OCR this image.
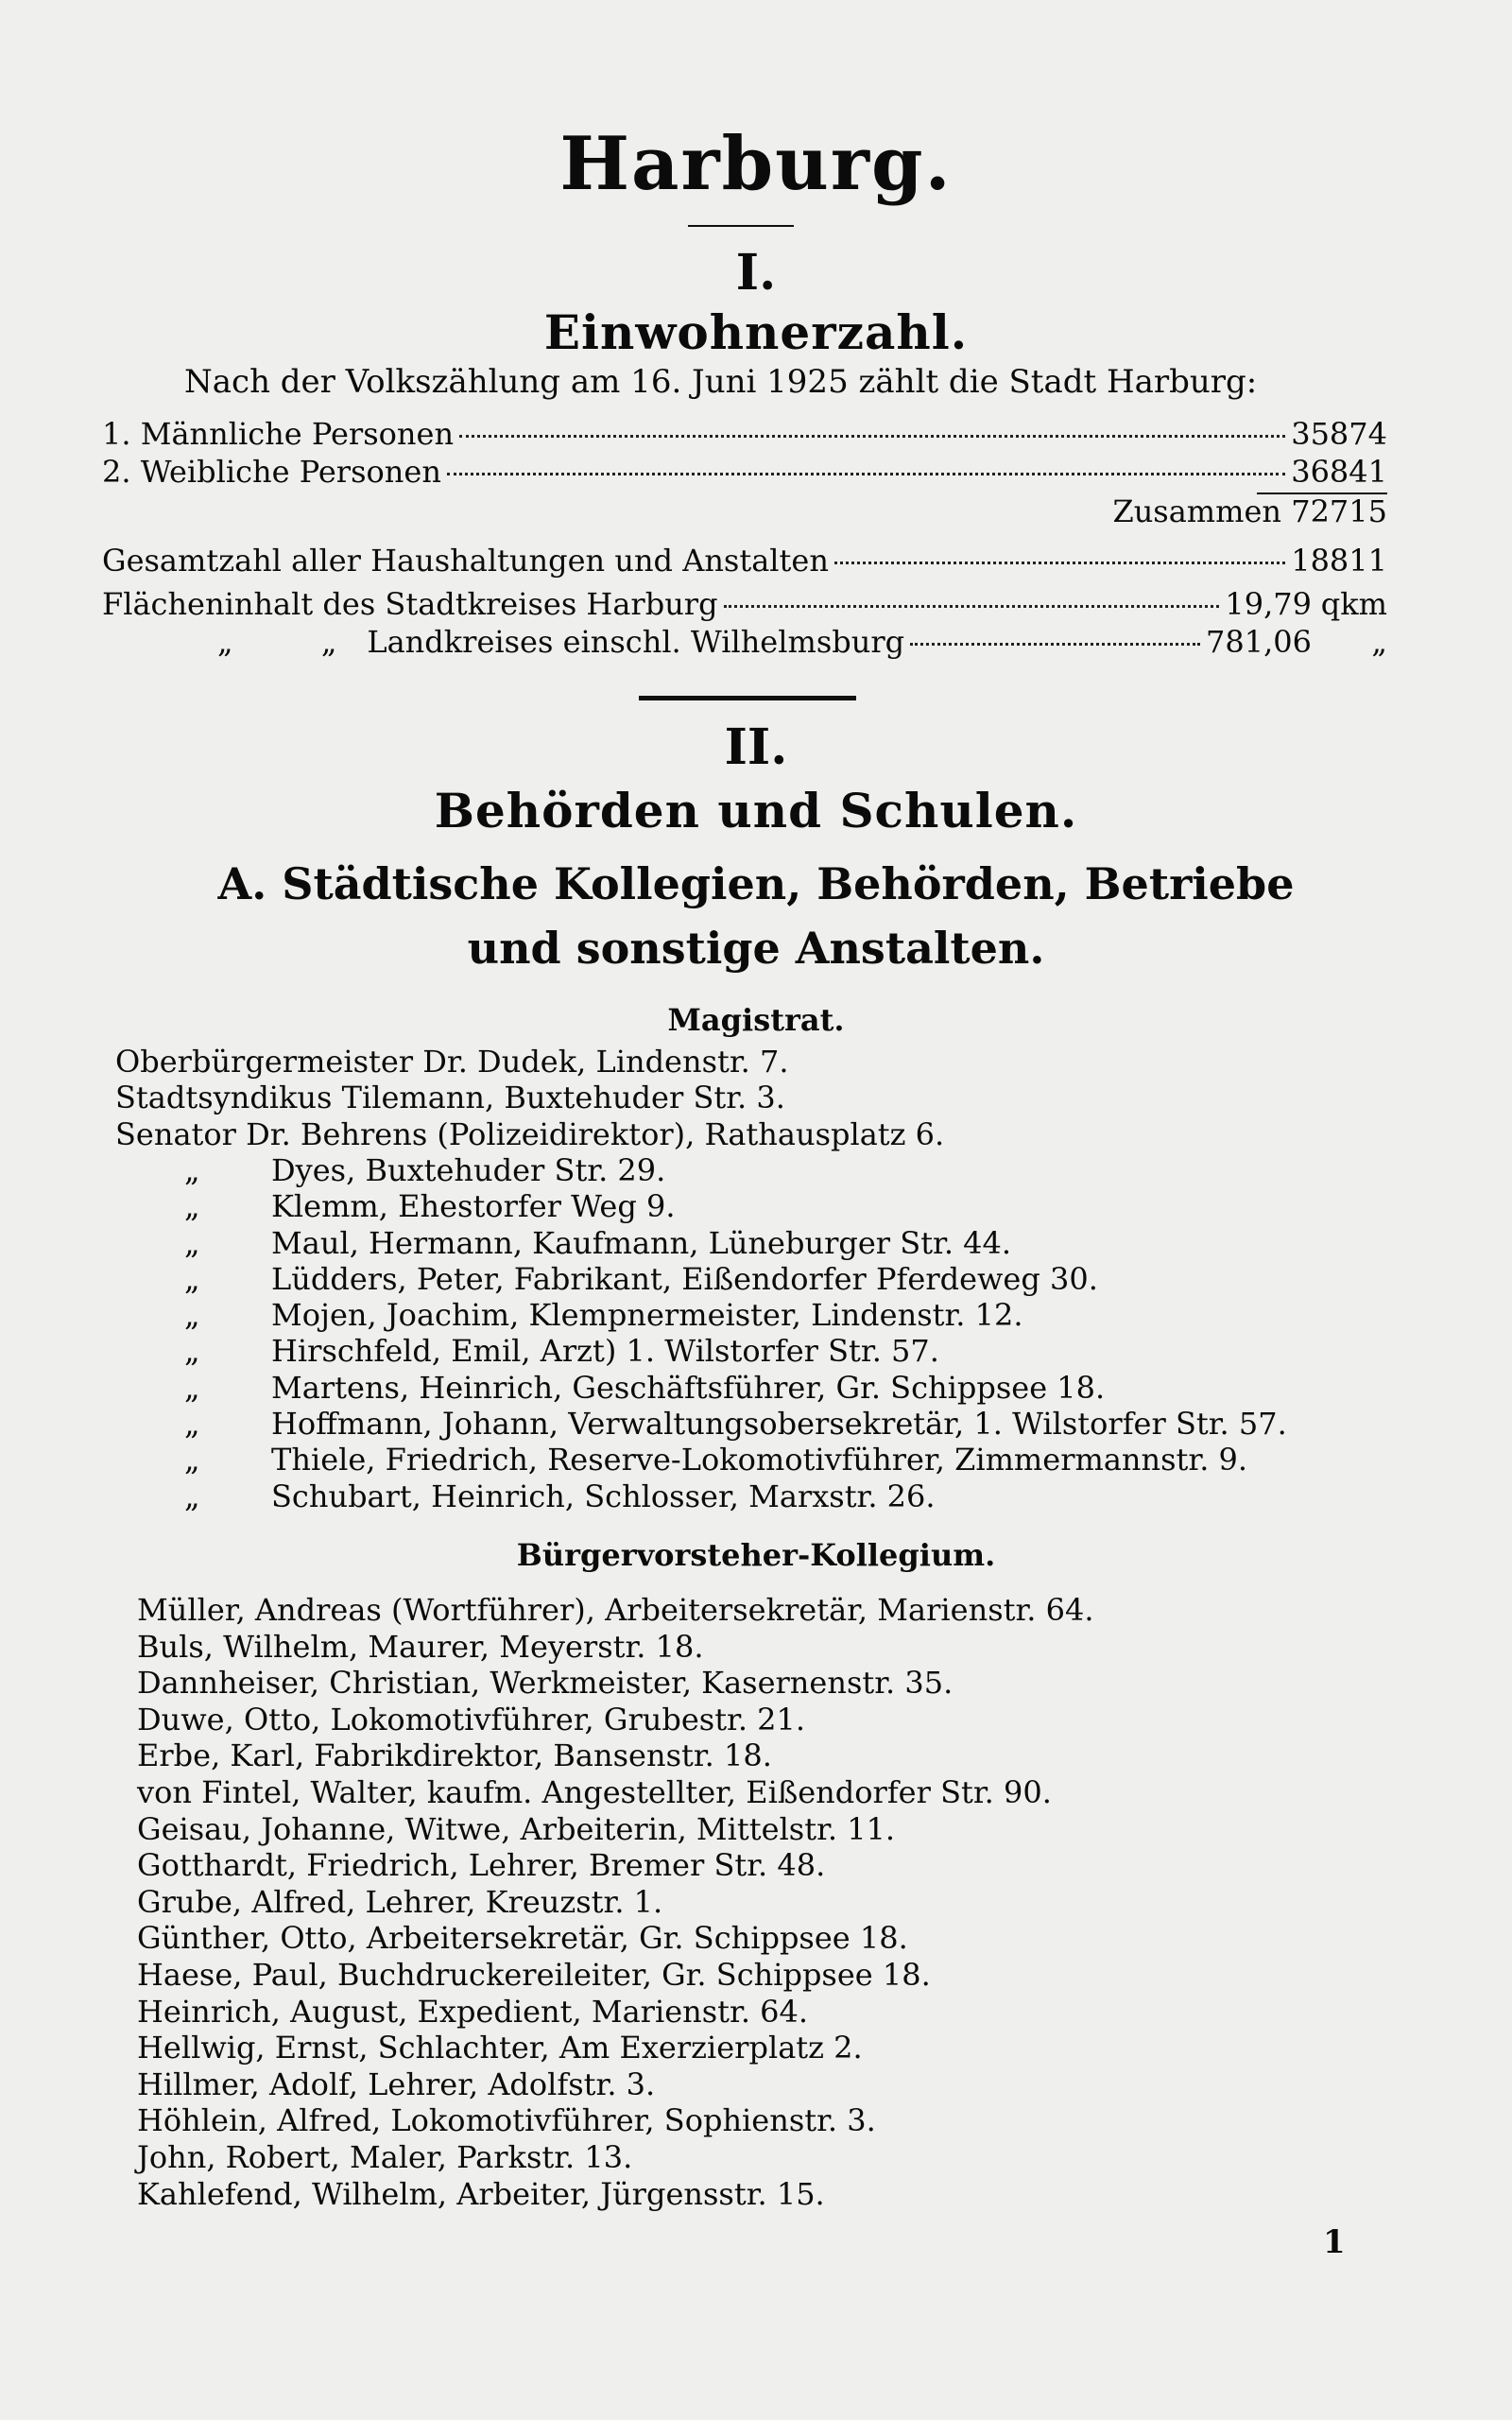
Harburg.
I.
Einwohnerzahl.
Nach der Volkszählung am 16. Juni 1925 zählt die Stadt Harburg:
1. Männliche Personen	35874
2. Weibliche Personen	36841
Zusammen 72715
Gesamtzahl aller Haushaltungen und Anstalten	18811
Flächeninhalt des Stadtkreises Harburg	19,79 qkm
„	„ Landkreises einschl. Wilhelmsburg	781,06	„
II.
Behörden und Schulen.
A. Städtische Kollegien, Behörden, Betriebe
und sonstige Anstalten.
Magistrat.
Oberbürgermeister Dr. Dudek, Lindenstr. 7.
Stadtsyndikus Tilemann, Buxtehuder Str. 3.
Senator Dr. Behrens (Polizeidirektor), Rathausplatz 6.
„ Dyes, Buxtehuder Str. 29.
„ Klemm, Ehestorfer Weg 9.
„ Maul, Hermann, Kaufmann, Lüneburger Str. 44.
„ Lüdders, Peter, Fabrikant, Eißendorfer Pferdeweg 30.
„ Mojen, Joachim, Klempnermeister, Lindenstr. 12.
„ Hirschfeld, Emil, Arzt) 1. Wilstorfer Str. 57.
„ Martens, Heinrich, Geschäftsführer, Gr. Schippsee 18.
„ Hoffmann, Johann, Verwaltungsobersekretär, 1. Wilstorfer Str. 57.
„ Thiele, Friedrich, Reserve-Lokomotivführer, Zimmermannstr. 9.
„ Schubart, Heinrich, Schlosser, Marxstr. 26.
Bürgervorsteher-Kollegium.
Müller, Andreas (Wortführer), Arbeitersekretär, Marienstr. 64.
Buls, Wilhelm, Maurer, Meyerstr. 18.
Dannheiser, Christian, Werkmeister, Kasernenstr. 35.
Duwe, Otto, Lokomotivführer, Grubestr. 21.
Erbe, Karl, Fabrikdirektor, Bansenstr. 18.
von Fintel, Walter, kaufm. Angestellter, Eißendorfer Str. 90.
Geisau, Johanne, Witwe, Arbeiterin, Mittelstr. 11.
Gotthardt, Friedrich, Lehrer, Bremer Str. 48.
Grube, Alfred, Lehrer, Kreuzstr. 1.
Günther, Otto, Arbeitersekretär, Gr. Schippsee 18.
Haese, Paul, Buchdruckereileiter, Gr. Schippsee 18.
Heinrich, August, Expedient, Marienstr. 64.
Hellwig, Ernst, Schlachter, Am Exerzierplatz 2.
Hillmer, Adolf, Lehrer, Adolfstr. 3.
Höhlein, Alfred, Lokomotivführer, Sophienstr. 3.
John, Robert, Maler, Parkstr. 13.
Kahlefend, Wilhelm, Arbeiter, Jürgensstr. 15.
1
